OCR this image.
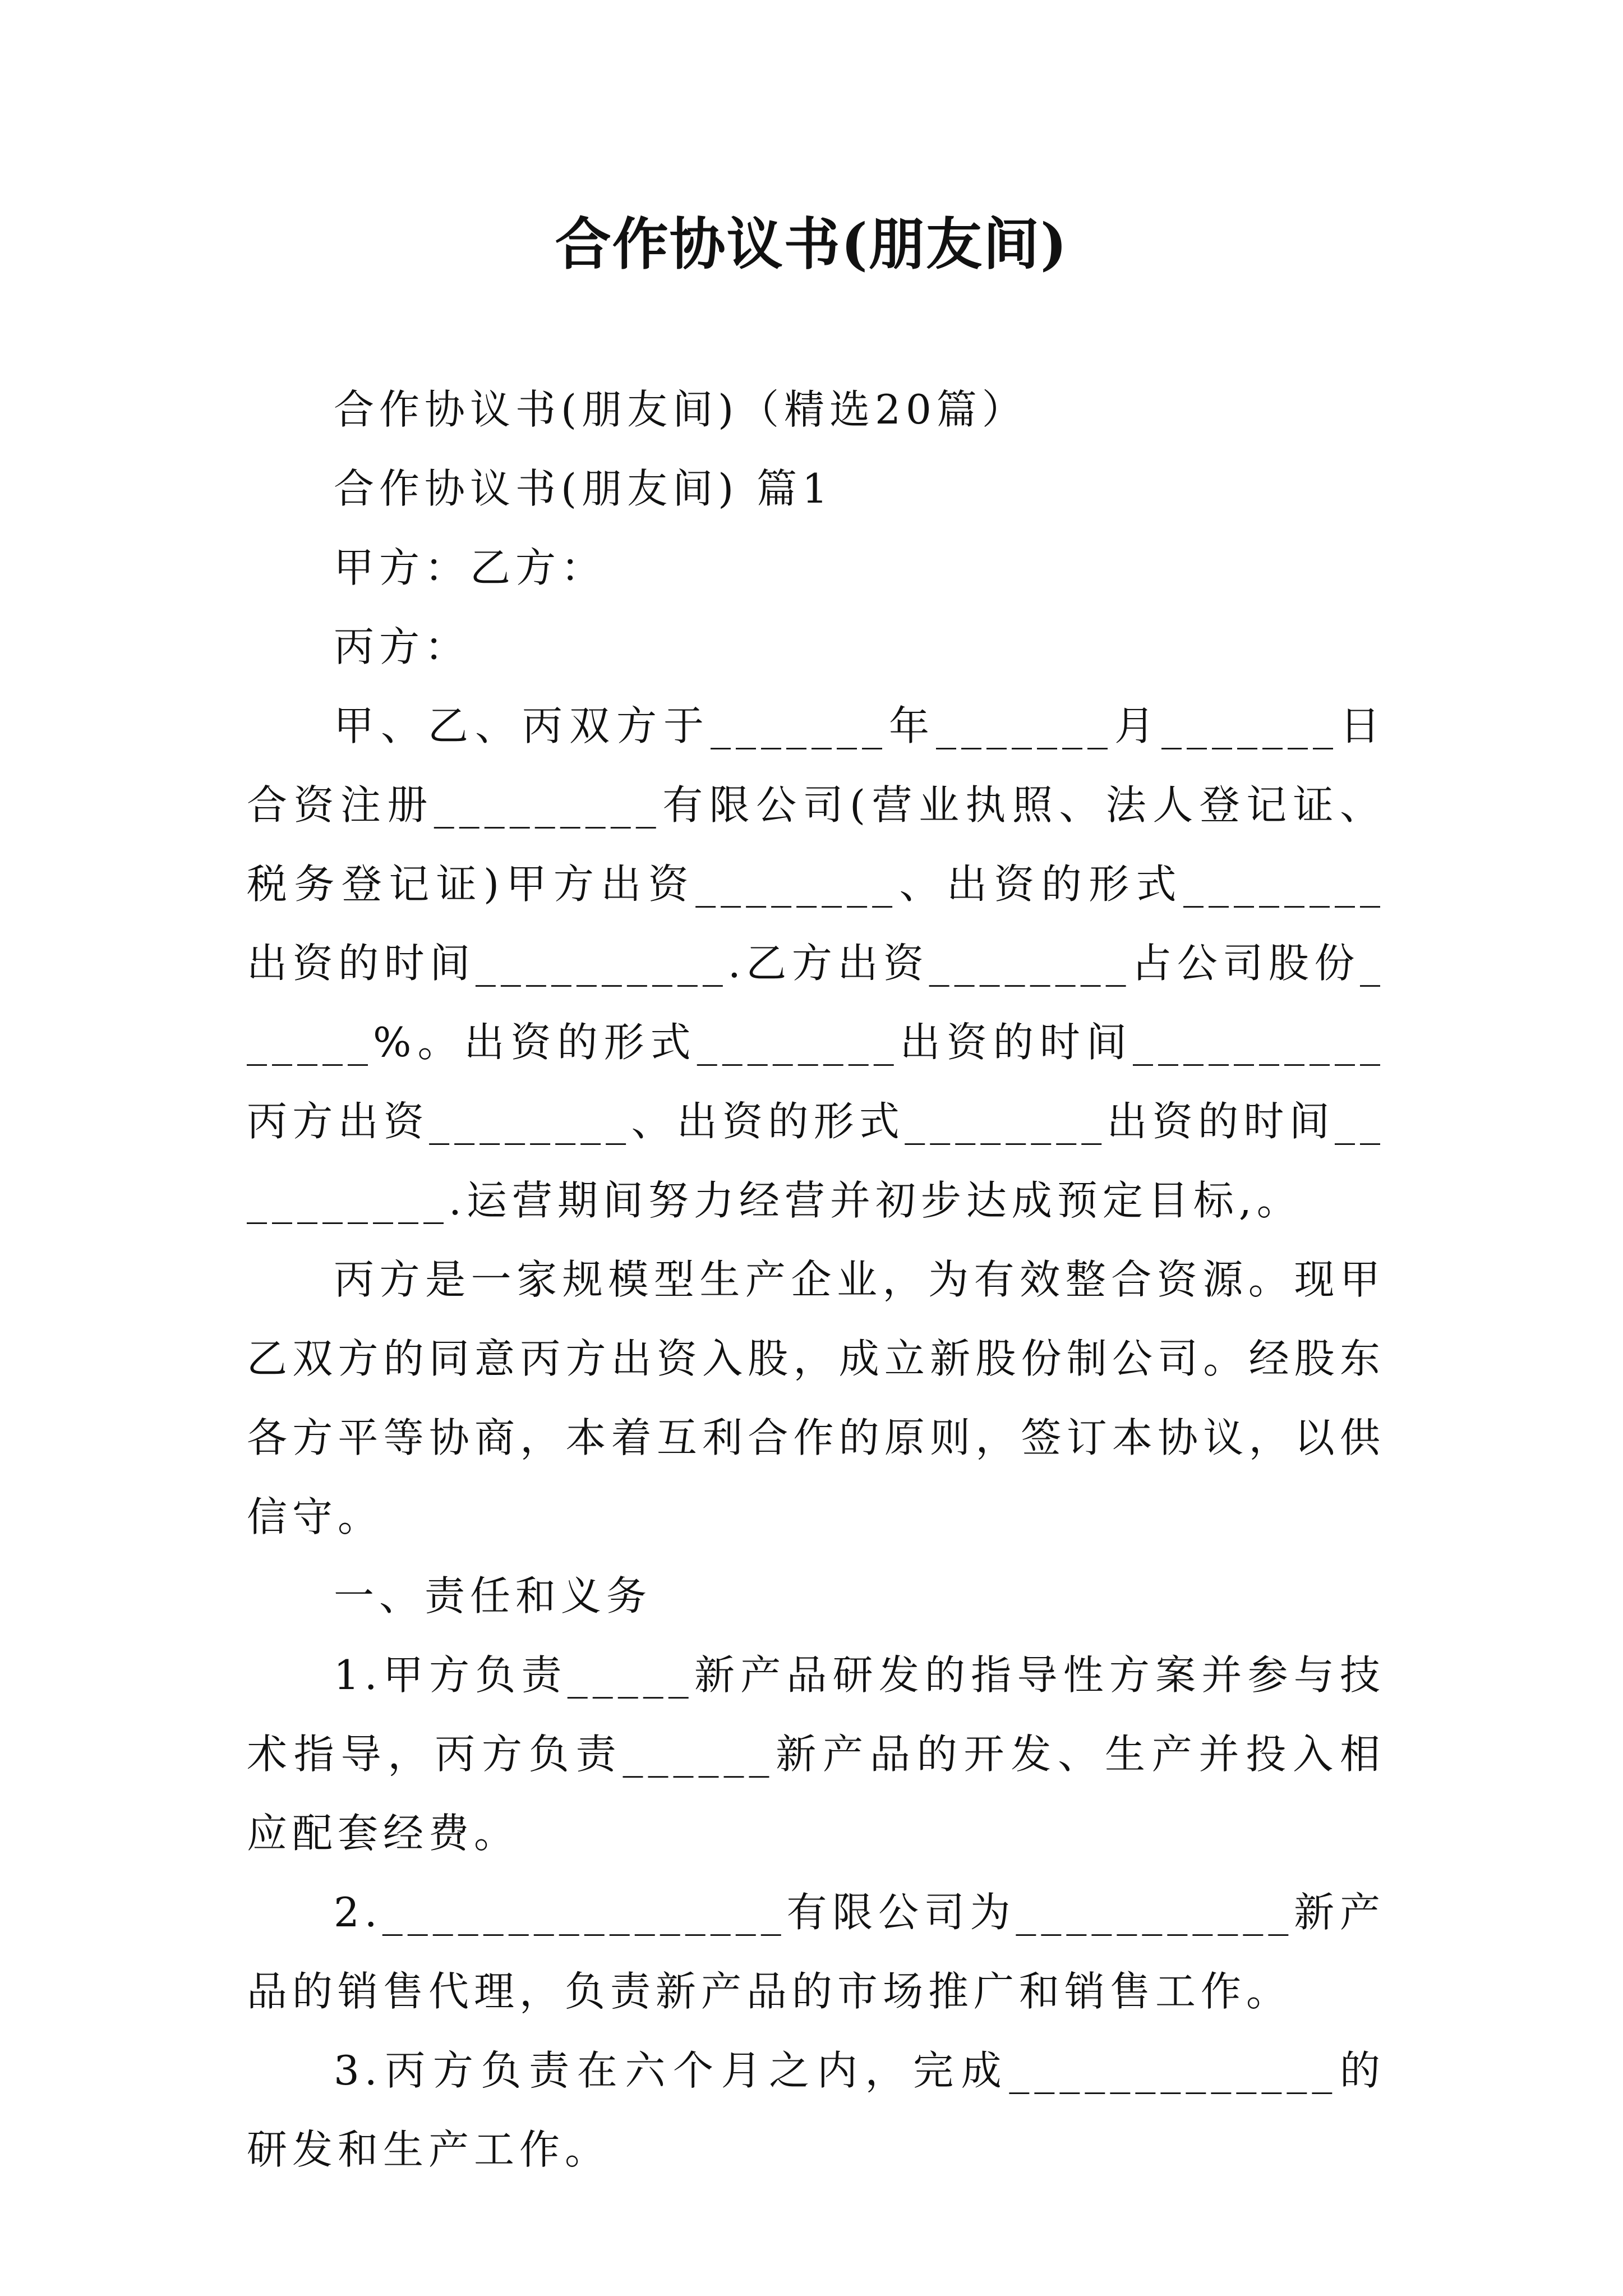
合作协议书(朋友间)

合作协议书(朋友间)（精选20篇）

合作协议书(朋友间) 篇1

甲方：乙方：

丙方：

甲、乙、丙双方于_______年_______月_______日合资注册_________有限公司(营业执照、法人登记证、税务登记证)甲方出资________、出资的形式________出资的时间__________.乙方出资________占公司股份______%。出资的形式________出资的时间__________丙方出资________、出资的形式________出资的时间__________.运营期间努力经营并初步达成预定目标,。

丙方是一家规模型生产企业，为有效整合资源。现甲乙双方的同意丙方出资入股，成立新股份制公司。经股东各方平等协商，本着互利合作的原则，签订本协议，以供信守。

一、责任和义务

1.甲方负责_____新产品研发的指导性方案并参与技术指导，丙方负责______新产品的开发、生产并投入相应配套经费。

2.________________有限公司为___________新产品的销售代理，负责新产品的市场推广和销售工作。

3.丙方负责在六个月之内，完成_____________的研发和生产工作。
